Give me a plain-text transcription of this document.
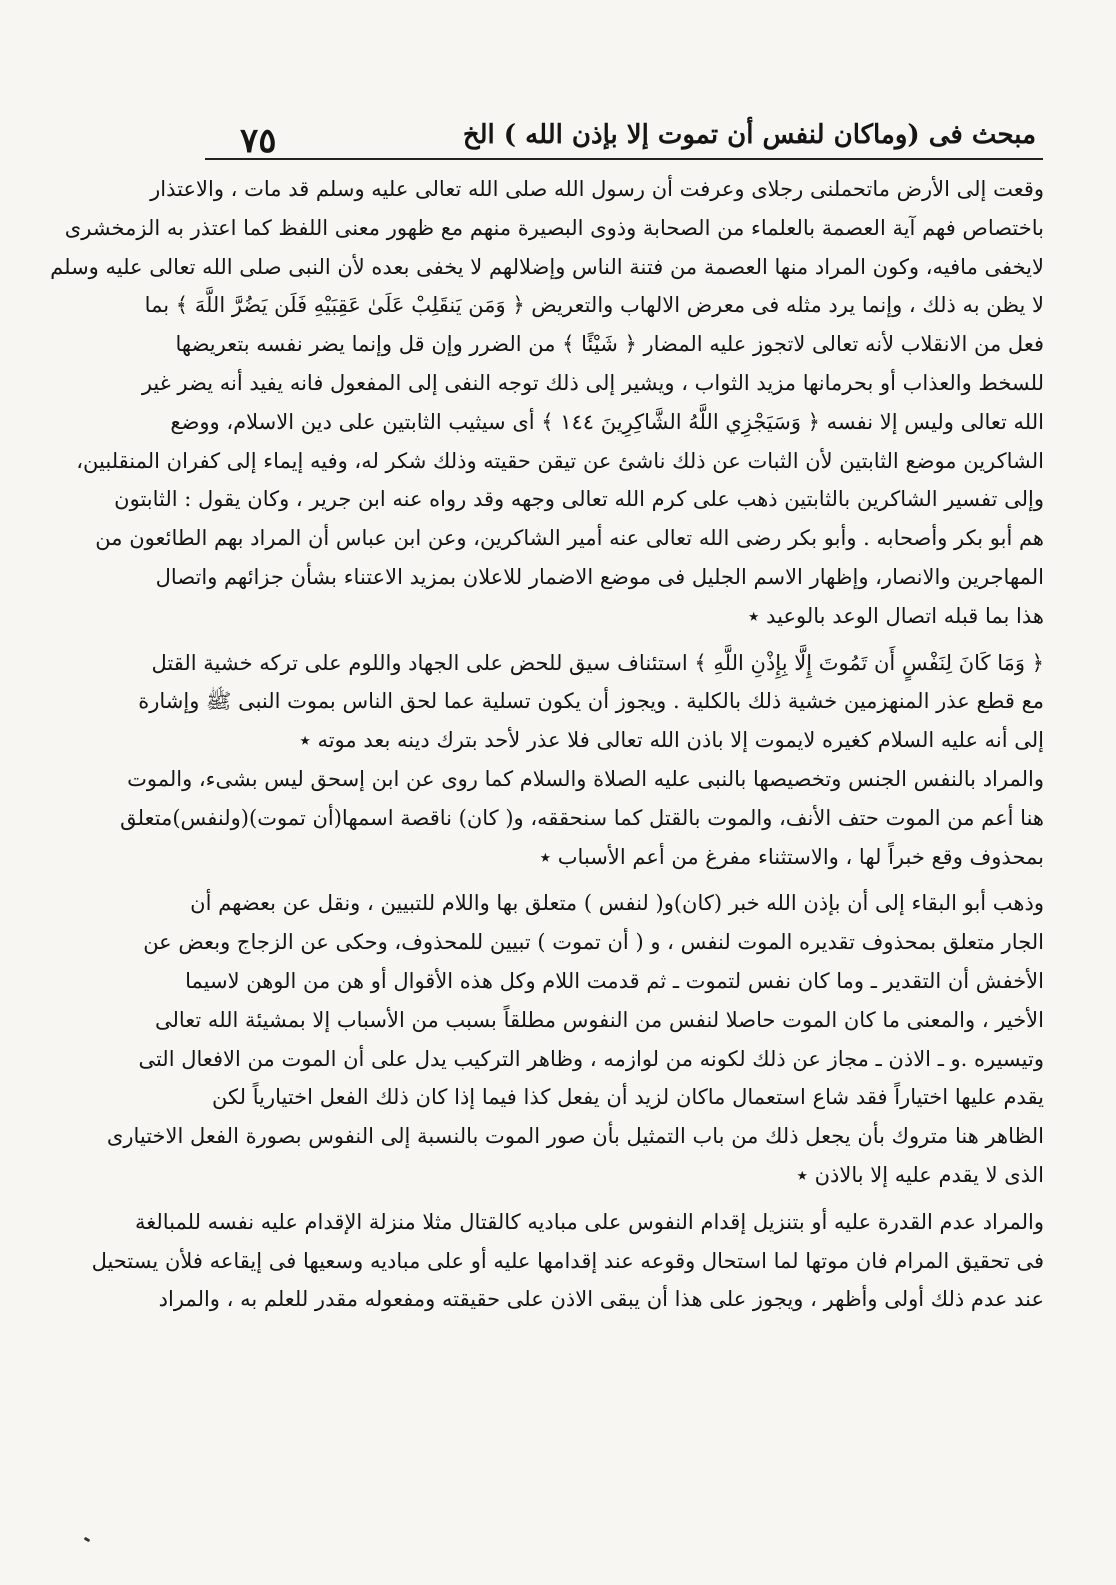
٧٥	مبحث فى (وماكان لنفس أن تموت إلا بإذن الله ) الخ
وقعت إلى الأرض ماتحملنى رجلاى وعرفت أن رسول الله صلى الله تعالى عليه وسلم قد مات ، والاعتذار
باختصاص فهم آية العصمة بالعلماء من الصحابة وذوى البصيرة منهم مع ظهور معنى اللفظ كما اعتذر به الزمخشرى
لايخفى مافيه، وكون المراد منها العصمة من فتنة الناس وإضلالهم لا يخفى بعده لأن النبى صلى الله تعالى عليه وسلم
لا يظن به ذلك ، وإنما يرد مثله فى معرض الالهاب والتعريض ﴿ وَمَن يَنقَلِبْ عَلَىٰ عَقِبَيْهِ فَلَن يَضُرَّ اللَّهَ ﴾ بما
فعل من الانقلاب لأنه تعالى لاتجوز عليه المضار ﴿ شَيْئًا ﴾ من الضرر وإن قل وإنما يضر نفسه بتعريضها
للسخط والعذاب أو بحرمانها مزيد الثواب ، ويشير إلى ذلك توجه النفى إلى المفعول فانه يفيد أنه يضر غير
الله تعالى وليس إلا نفسه ﴿ وَسَيَجْزِي اللَّهُ الشَّاكِرِينَ ١٤٤ ﴾ أى سيثيب الثابتين على دين الاسلام، ووضع
الشاكرين موضع الثابتين لأن الثبات عن ذلك ناشئ عن تيقن حقيته وذلك شكر له، وفيه إيماء إلى كفران المنقلبين،
وإلى تفسير الشاكرين بالثابتين ذهب على كرم الله تعالى وجهه وقد رواه عنه ابن جرير ، وكان يقول : الثابتون
هم أبو بكر وأصحابه . وأبو بكر رضى الله تعالى عنه أمير الشاكرين، وعن ابن عباس أن المراد بهم الطائعون من
المهاجرين والانصار، وإظهار الاسم الجليل فى موضع الاضمار للاعلان بمزيد الاعتناء بشأن جزائهم واتصال
هذا بما قبله اتصال الوعد بالوعيد ٭
﴿ وَمَا كَانَ لِنَفْسٍ أَن تَمُوتَ إِلَّا بِإِذْنِ اللَّهِ ﴾ استئناف سيق للحض على الجهاد واللوم على تركه خشية القتل
مع قطع عذر المنهزمين خشية ذلك بالكلية . ويجوز أن يكون تسلية عما لحق الناس بموت النبى ﷺ وإشارة
إلى أنه عليه السلام كغيره لايموت إلا باذن الله تعالى فلا عذر لأحد بترك دينه بعد موته ٭
والمراد بالنفس الجنس وتخصيصها بالنبى عليه الصلاة والسلام كما روى عن ابن إسحق ليس بشىء، والموت
هنا أعم من الموت حتف الأنف، والموت بالقتل كما سنحققه، و( كان) ناقصة اسمها(أن تموت)(ولنفس)متعلق
بمحذوف وقع خبراً لها ، والاستثناء مفرغ من أعم الأسباب ٭
وذهب أبو البقاء إلى أن بإذن الله خبر (كان)و( لنفس ) متعلق بها واللام للتبيين ، ونقل عن بعضهم أن
الجار متعلق بمحذوف تقديره الموت لنفس ، و ( أن تموت ) تبيين للمحذوف، وحكى عن الزجاج وبعض عن
الأخفش أن التقدير ـ وما كان نفس لتموت ـ ثم قدمت اللام وكل هذه الأقوال أو هن من الوهن لاسيما
الأخير ، والمعنى ما كان الموت حاصلا لنفس من النفوس مطلقاً بسبب من الأسباب إلا بمشيئة الله تعالى
وتيسيره .و ـ الاذن ـ مجاز عن ذلك لكونه من لوازمه ، وظاهر التركيب يدل على أن الموت من الافعال التى
يقدم عليها اختياراً فقد شاع استعمال ماكان لزيد أن يفعل كذا فيما إذا كان ذلك الفعل اختيارياً لكن
الظاهر هنا متروك بأن يجعل ذلك من باب التمثيل بأن صور الموت بالنسبة إلى النفوس بصورة الفعل الاختيارى
الذى لا يقدم عليه إلا بالاذن ٭
والمراد عدم القدرة عليه أو بتنزيل إقدام النفوس على مباديه كالقتال مثلا منزلة الإقدام عليه نفسه للمبالغة
فى تحقيق المرام فان موتها لما استحال وقوعه عند إقدامها عليه أو على مباديه وسعيها فى إيقاعه فلأن يستحيل
عند عدم ذلك أولى وأظهر ، ويجوز على هذا أن يبقى الاذن على حقيقته ومفعوله مقدر للعلم به ، والمراد
